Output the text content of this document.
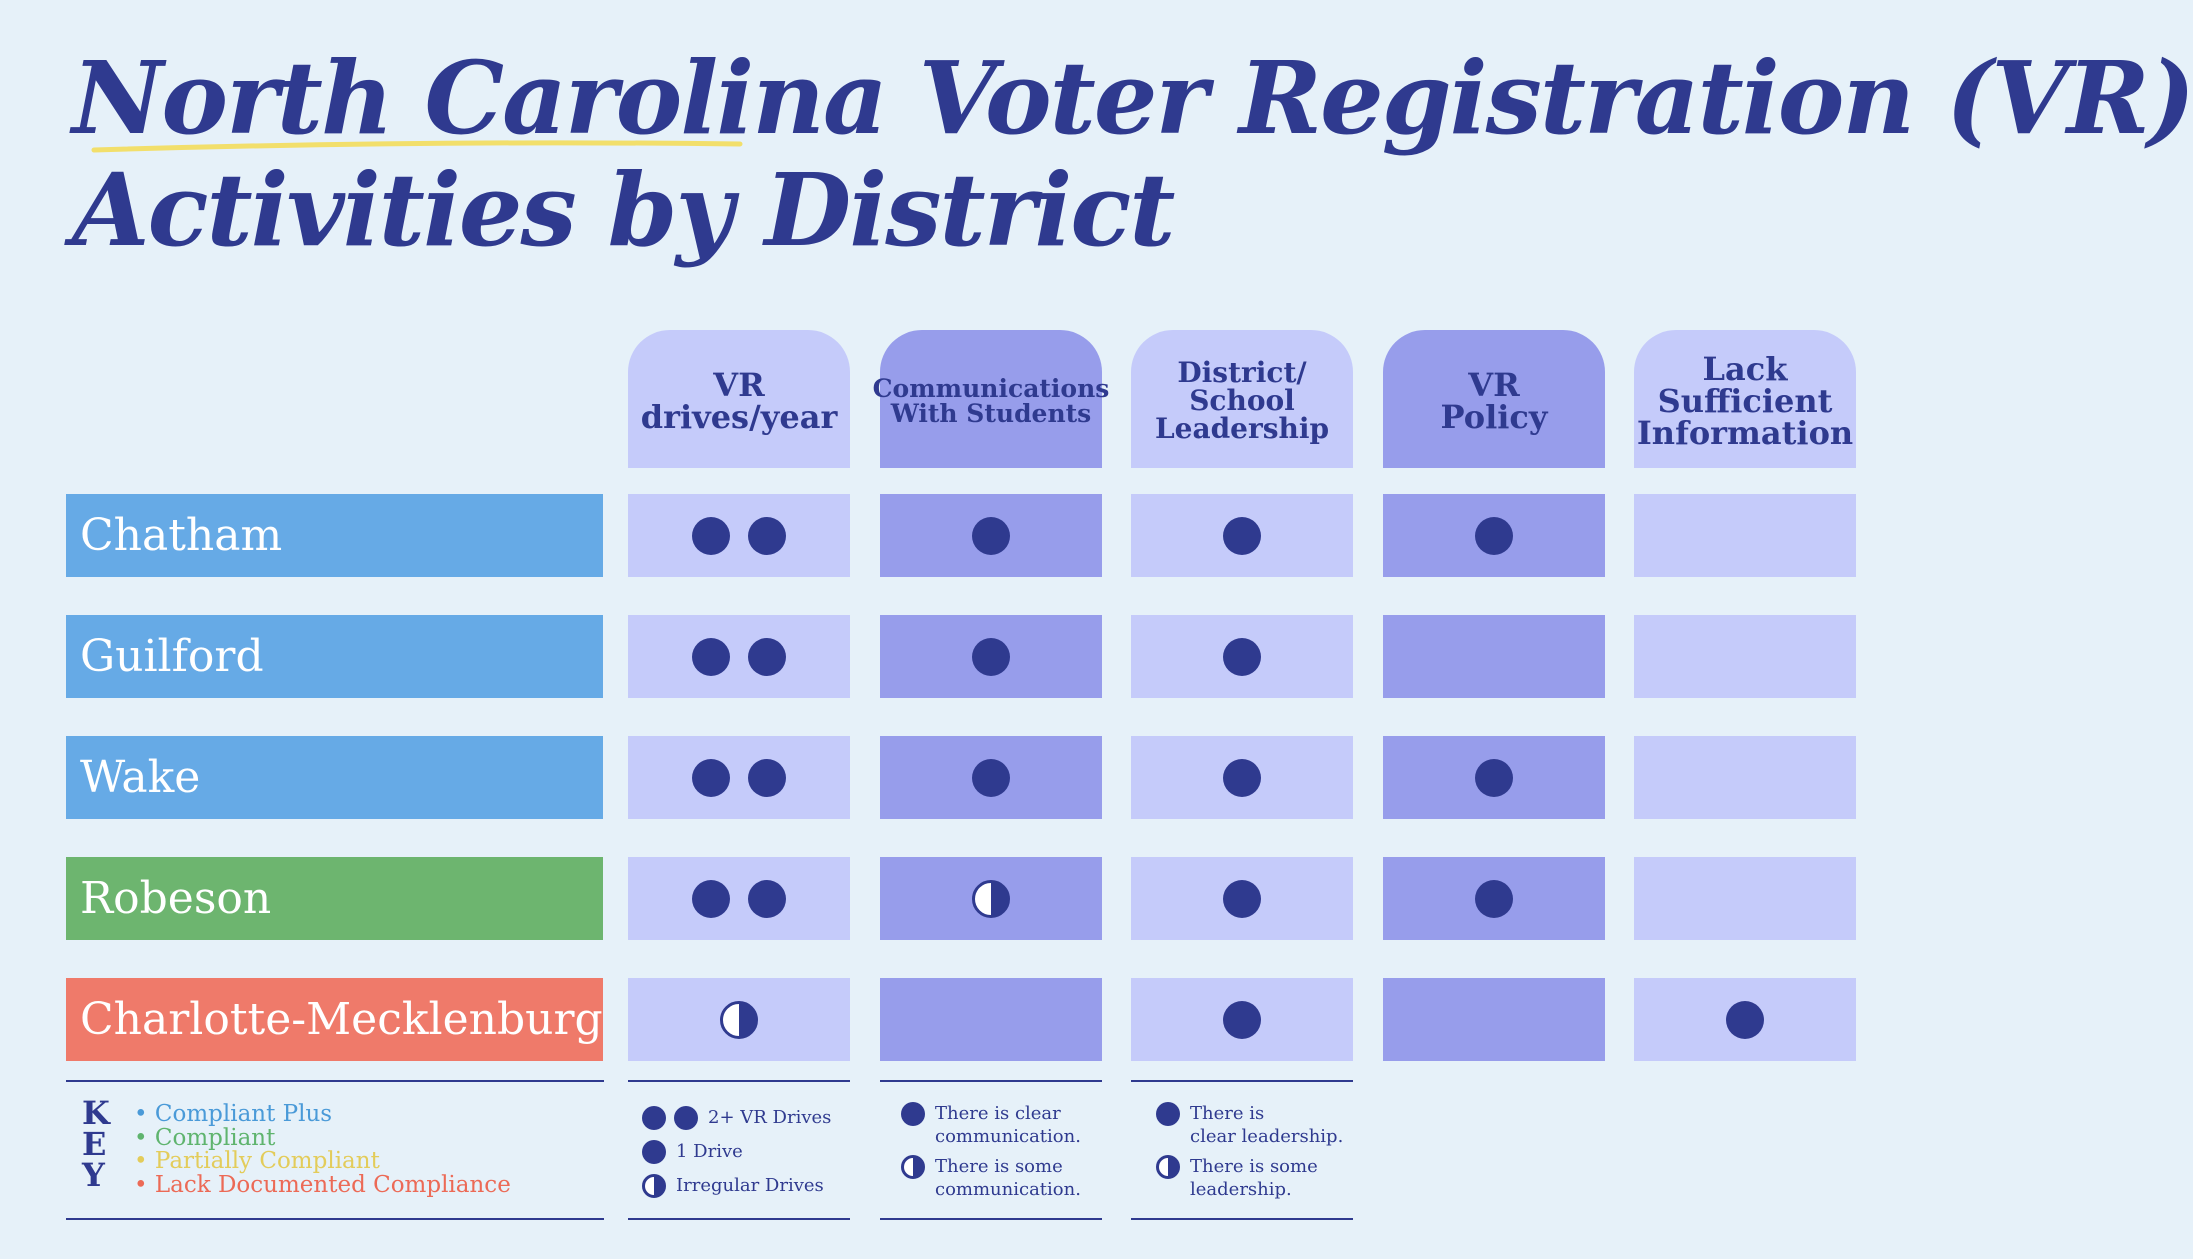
North Carolina Voter Registration (VR)
Activities by District
VR
drives/year
Communications
With Students
District/
School
Leadership
VR
Policy
Lack
Sufficient
Information
Chatham
Guilford
Wake
Robeson
Charlotte-Mecklenburg
K
E
Y
• Compliant Plus
• Compliant
• Partially Compliant
• Lack Documented Compliance
2+ VR Drives
1 Drive
Irregular Drives
There is clear
communication.
There is some
communication.
There is
clear leadership.
There is some
leadership.
